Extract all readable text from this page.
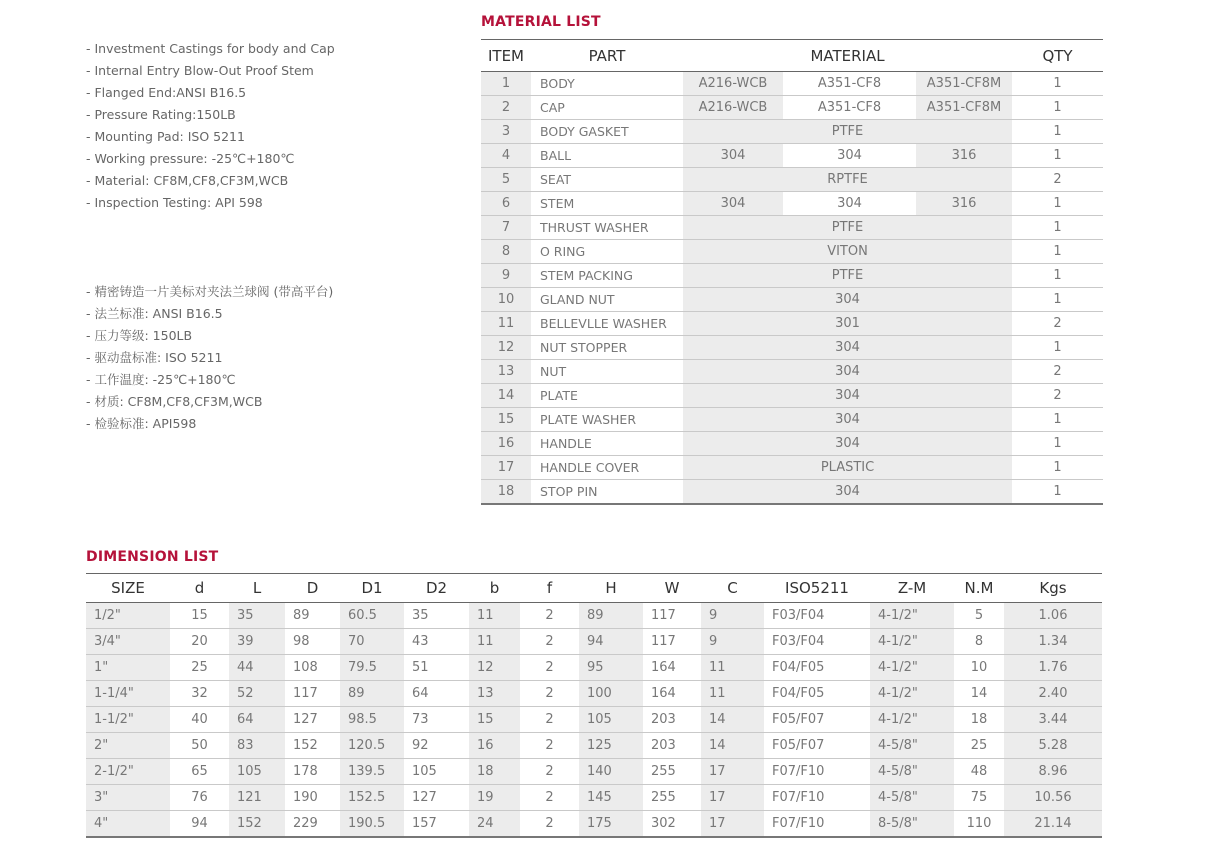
- Investment Castings for body and Cap
- Internal Entry Blow-Out Proof Stem
- Flanged End:ANSI B16.5
- Pressure Rating:150LB
- Mounting Pad: ISO 5211
- Working pressure: -25℃+180℃
- Material: CF8M,CF8,CF3M,WCB
- Inspection Testing: API 598
- 精密铸造一片美标对夹法兰球阀 (带高平台)
- 法兰标准: ANSI B16.5
- 压力等级: 150LB
- 驱动盘标准: ISO 5211
- 工作温度: -25℃+180℃
- 材质: CF8M,CF8,CF3M,WCB
- 检验标准: API598
MATERIAL LIST
ITEM	PART	MATERIAL			QTY
1	BODY	A216-WCB	A351-CF8	A351-CF8M	1
2	CAP	A216-WCB	A351-CF8	A351-CF8M	1
3	BODY GASKET	PTFE			1
4	BALL	304	304	316	1
5	SEAT	RPTFE			2
6	STEM	304	304	316	1
7	THRUST WASHER	PTFE			1
8	O RING	VITON			1
9	STEM PACKING	PTFE			1
10	GLAND NUT	304			1
11	BELLEVLLE WASHER	301			2
12	NUT STOPPER	304			1
13	NUT	304			2
14	PLATE	304			2
15	PLATE WASHER	304			1
16	HANDLE	304			1
17	HANDLE COVER	PLASTIC			1
18	STOP PIN	304			1
DIMENSION LIST
SIZE	d	L	D	D1	D2	b	f	H	W	C	ISO5211	Z-M	N.M	Kgs
1/2"	15	35	89	60.5	35	11	2	89	117	9	F03/F04	4-1/2"	5	1.06
3/4"	20	39	98	70	43	11	2	94	117	9	F03/F04	4-1/2"	8	1.34
1"	25	44	108	79.5	51	12	2	95	164	11	F04/F05	4-1/2"	10	1.76
1-1/4"	32	52	117	89	64	13	2	100	164	11	F04/F05	4-1/2"	14	2.40
1-1/2"	40	64	127	98.5	73	15	2	105	203	14	F05/F07	4-1/2"	18	3.44
2"	50	83	152	120.5	92	16	2	125	203	14	F05/F07	4-5/8"	25	5.28
2-1/2"	65	105	178	139.5	105	18	2	140	255	17	F07/F10	4-5/8"	48	8.96
3"	76	121	190	152.5	127	19	2	145	255	17	F07/F10	4-5/8"	75	10.56
4"	94	152	229	190.5	157	24	2	175	302	17	F07/F10	8-5/8"	110	21.14
